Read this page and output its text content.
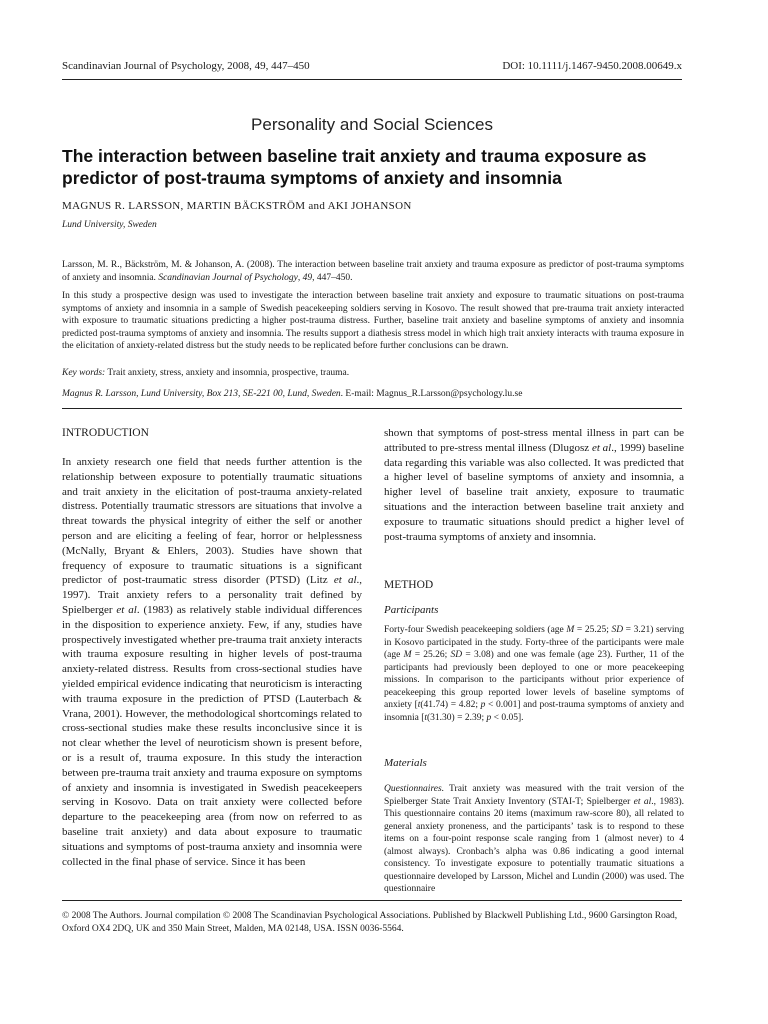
Scandinavian Journal of Psychology, 2008, 49, 447–450	DOI: 10.1111/j.1467-9450.2008.00649.x
Personality and Social Sciences
The interaction between baseline trait anxiety and trauma exposure as predictor of post-trauma symptoms of anxiety and insomnia
MAGNUS R. LARSSON, MARTIN BÄCKSTRÖM and AKI JOHANSON
Lund University, Sweden
Larsson, M. R., Bäckström, M. & Johanson, A. (2008). The interaction between baseline trait anxiety and trauma exposure as predictor of post-trauma symptoms of anxiety and insomnia. Scandinavian Journal of Psychology, 49, 447–450.
In this study a prospective design was used to investigate the interaction between baseline trait anxiety and exposure to traumatic situations on post-trauma symptoms of anxiety and insomnia in a sample of Swedish peacekeeping soldiers serving in Kosovo. The result showed that pre-trauma trait anxiety interacted with exposure to traumatic situations predicting a higher post-trauma distress. Further, baseline trait anxiety and baseline symptoms of anxiety and insomnia predicted post-trauma symptoms of anxiety and insomnia. The results support a diathesis stress model in which high trait anxiety interacts with trauma exposure in the elicitation of anxiety-related distress but the study needs to be replicated before further conclusions can be drawn.
Key words: Trait anxiety, stress, anxiety and insomnia, prospective, trauma.
Magnus R. Larsson, Lund University, Box 213, SE-221 00, Lund, Sweden. E-mail: Magnus_R.Larsson@psychology.lu.se
INTRODUCTION
In anxiety research one field that needs further attention is the relationship between exposure to potentially traumatic situations and trait anxiety in the elicitation of post-trauma anxiety-related distress. Potentially traumatic stressors are situations that involve a threat towards the physical integrity of either the self or another person and are eliciting a feeling of fear, horror or helplessness (McNally, Bryant & Ehlers, 2003). Studies have shown that frequency of exposure to traumatic situations is a significant predictor of post-traumatic stress disorder (PTSD) (Litz et al., 1997). Trait anxiety refers to a personality trait defined by Spielberger et al. (1983) as relatively stable individual differences in the disposition to experience anxiety. Few, if any, studies have prospectively investigated whether pre-trauma trait anxiety interacts with trauma exposure resulting in higher levels of post-trauma anxiety-related distress. Results from cross-sectional studies have yielded empirical evidence indicating that neuroticism is interacting with trauma exposure in the prediction of PTSD (Lauterbach & Vrana, 2001). However, the methodological shortcomings related to cross-sectional studies make these results inconclusive since it is not clear whether the level of neuroticism shown is present before, or is a result of, trauma exposure. In this study the interaction between pre-trauma trait anxiety and trauma exposure on symptoms of anxiety and insomnia is investigated in Swedish peacekeepers serving in Kosovo. Data on trait anxiety were collected before departure to the peacekeeping area (from now on referred to as baseline trait anxiety) and data about exposure to traumatic situations and symptoms of post-trauma anxiety and insomnia were collected in the final phase of service. Since it has been
shown that symptoms of post-stress mental illness in part can be attributed to pre-stress mental illness (Dlugosz et al., 1999) baseline data regarding this variable was also collected. It was predicted that a higher level of baseline symptoms of anxiety and insomnia, a higher level of baseline trait anxiety, exposure to traumatic situations and the interaction between baseline trait anxiety and exposure to traumatic situations should predict a higher level of post-trauma symptoms of anxiety and insomnia.
METHOD
Participants
Forty-four Swedish peacekeeping soldiers (age M = 25.25; SD = 3.21) serving in Kosovo participated in the study. Forty-three of the participants were male (age M = 25.26; SD = 3.08) and one was female (age 23). Further, 11 of the participants had previously been deployed to one or more peacekeeping missions. In comparison to the participants without prior experience of peacekeeping this group reported lower levels of baseline symptoms of anxiety [t(41.74) = 4.82; p < 0.001] and post-trauma symptoms of anxiety and insomnia [t(31.30) = 2.39; p < 0.05].
Materials
Questionnaires. Trait anxiety was measured with the trait version of the Spielberger State Trait Anxiety Inventory (STAI-T; Spielberger et al., 1983). This questionnaire contains 20 items (maximum raw-score 80), all related to general anxiety proneness, and the participants’ task is to respond to these items on a four-point response scale ranging from 1 (almost never) to 4 (almost always). Cronbach’s alpha was 0.86 indicating a good internal consistency. To investigate exposure to potentially traumatic situations a questionnaire developed by Larsson, Michel and Lundin (2000) was used. The questionnaire
© 2008 The Authors. Journal compilation © 2008 The Scandinavian Psychological Associations. Published by Blackwell Publishing Ltd., 9600 Garsington Road, Oxford OX4 2DQ, UK and 350 Main Street, Malden, MA 02148, USA. ISSN 0036-5564.
